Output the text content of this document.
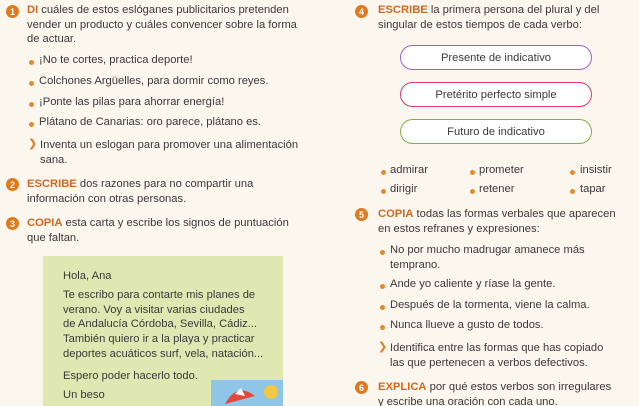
1	DI cuáles de estos eslóganes publicitarios pretenden
vender un producto y cuáles convencer sobre la forma
de actuar.
¡No te cortes, practica deporte!
Colchones Argüelles, para dormir como reyes.
¡Ponte las pilas para ahorrar energía!
Plátano de Canarias: oro parece, plátano es.
❯ Inventa un eslogan para promover una alimentación
sana.
2	ESCRIBE dos razones para no compartir una
información con otras personas.
3	COPIA esta carta y escribe los signos de puntuación
que faltan.
Hola, Ana
Te escribo para contarte mis planes de
verano. Voy a visitar varias ciudades
de Andalucía Córdoba, Sevilla, Cádiz...
También quiero ir a la playa y practicar
deportes acuáticos surf, vela, natación...
Espero poder hacerlo todo.
Un beso
4	ESCRIBE la primera persona del plural y del
singular de estos tiempos de cada verbo:
Presente de indicativo
Pretérito perfecto simple
Futuro de indicativo
admirar	prometer	insistir
dirigir	retener	tapar
5	COPIA todas las formas verbales que aparecen
en estos refranes y expresiones:
No por mucho madrugar amanece más
temprano.
Ande yo caliente y ríase la gente.
Después de la tormenta, viene la calma.
Nunca llueve a gusto de todos.
❯ Identifica entre las formas que has copiado
las que pertenecen a verbos defectivos.
6	EXPLICA por qué estos verbos son irregulares
y escribe una oración con cada uno.
